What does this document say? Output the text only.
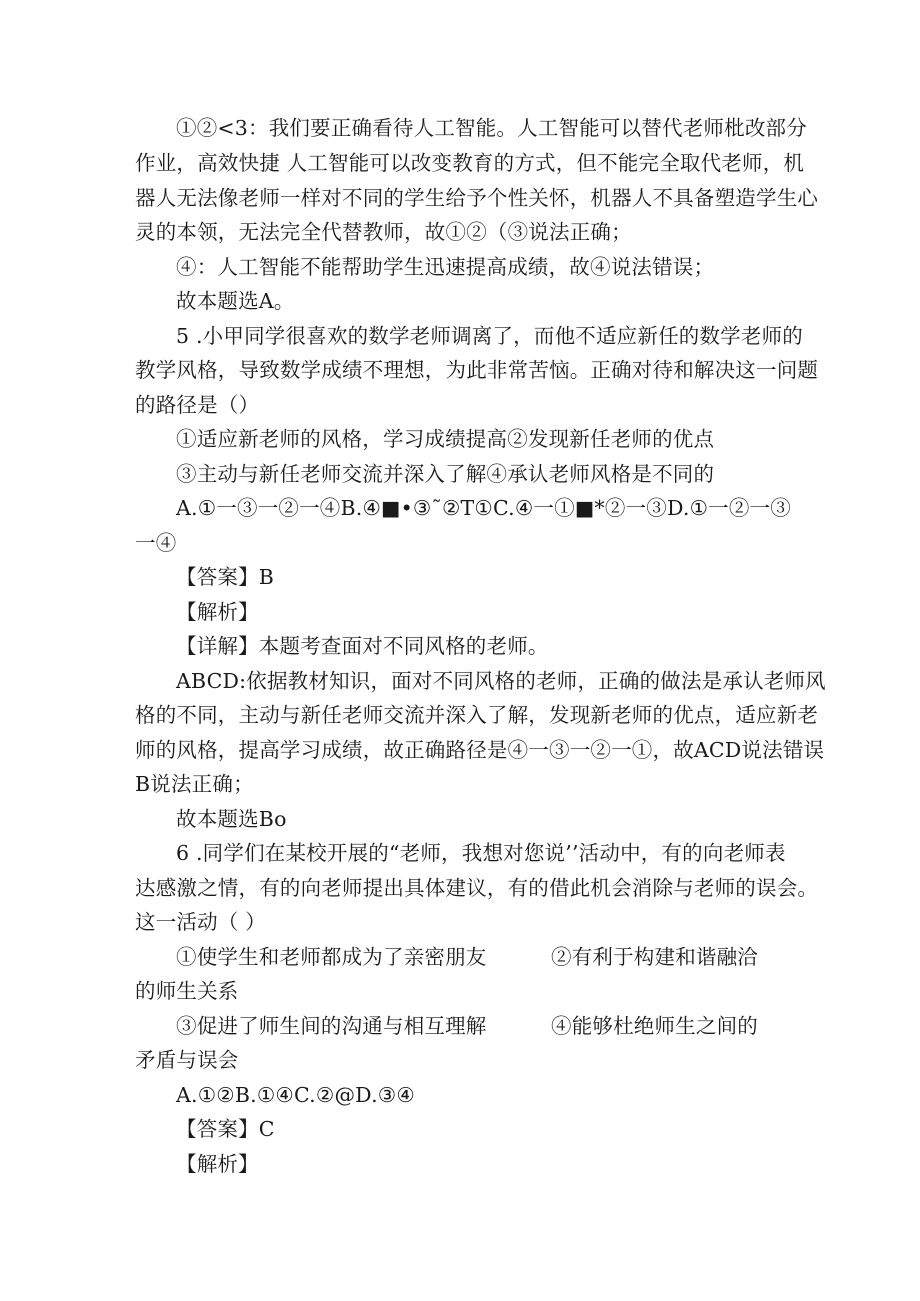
①②<3：我们要正确看待人工智能。人工智能可以替代老师枇改部分
作业，高效快捷 人工智能可以改变教育的方式，但不能完全取代老师，机
器人无法像老师一样对不同的学生给予个性关怀，机器人不具备塑造学生心
灵的本领，无法完全代替教师，故①②（③说法正确；
④：人工智能不能帮助学生迅速提高成绩，故④说法错误；
故本题选A。
5 .小甲同学很喜欢的数学老师调离了，而他不适应新任的数学老师的
教学风格，导致数学成绩不理想，为此非常苦恼。正确对待和解决这一问题
的路径是（）
①适应新老师的风格，学习成绩提高②发现新任老师的优点
③主动与新任老师交流并深入了解④承认老师风格是不同的
A.①一③一②一④B.④■•③˜②T①C.④一①■*②一③D.①一②一③
一④
【答案】B
【解析】
【详解】本题考查面对不同风格的老师。
ABCD:依据教材知识，面对不同风格的老师，正确的做法是承认老师风
格的不同，主动与新任老师交流并深入了解，发现新老师的优点，适应新老
师的风格，提高学习成绩，故正确路径是④一③一②一①，故ACD说法错误
B说法正确；
故本题选Bo
6 .同学们在某校开展的“老师，我想对您说’’活动中，有的向老师表
达感激之情，有的向老师提出具体建议，有的借此机会消除与老师的误会。
这一活动（ ）
①使学生和老师都成为了亲密朋友	②有利于构建和谐融洽
的师生关系
③促进了师生间的沟通与相互理解	④能够杜绝师生之间的
矛盾与误会
A.①②B.①④C.②@D.③④
【答案】C
【解析】
